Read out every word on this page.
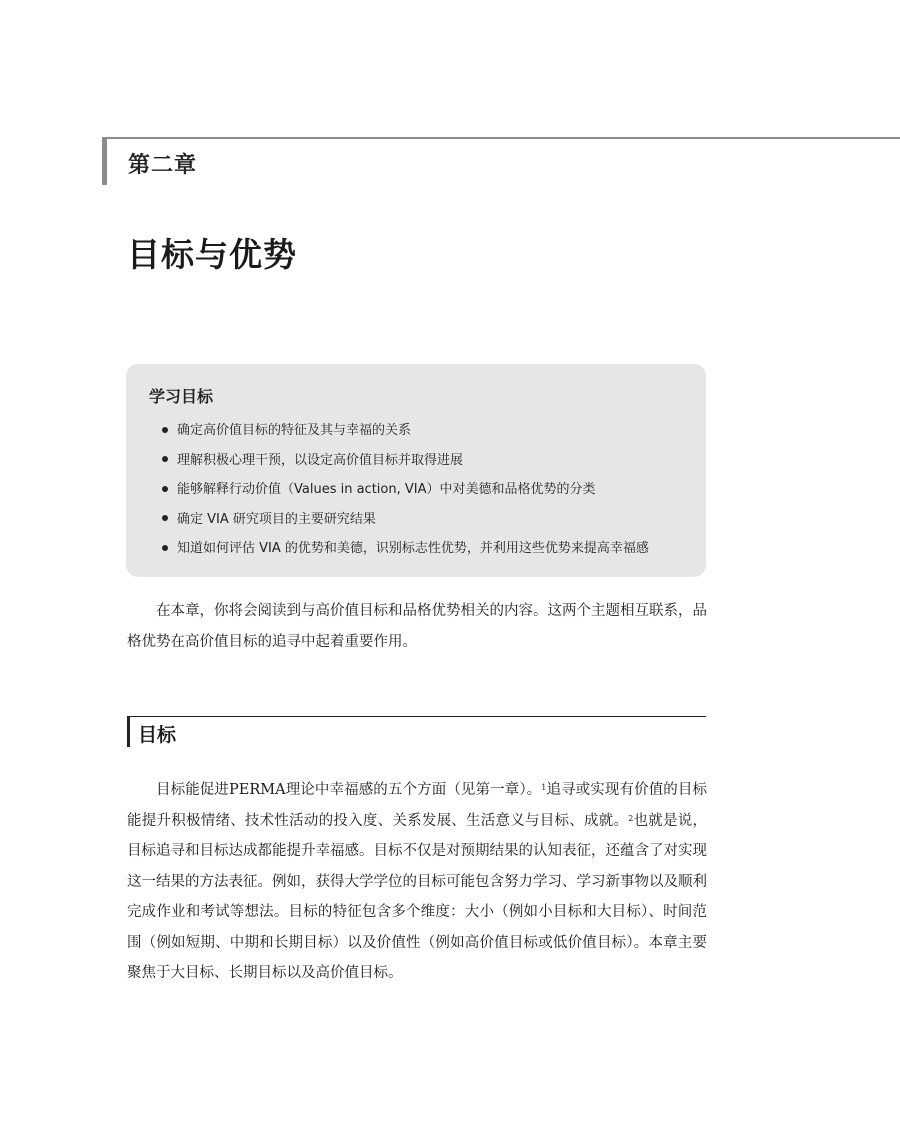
第二章
目标与优势
学习目标
确定高价值目标的特征及其与幸福的关系
理解积极心理干预，以设定高价值目标并取得进展
能够解释行动价值（Values in action, VIA）中对美德和品格优势的分类
确定 VIA 研究项目的主要研究结果
知道如何评估 VIA 的优势和美德，识别标志性优势，并利用这些优势来提高幸福感

在本章，你将会阅读到与高价值目标和品格优势相关的内容。这两个主题相互联系，品格优势在高价值目标的追寻中起着重要作用。

目标

目标能促进PERMA理论中幸福感的五个方面（见第一章）。$^1$追寻或实现有价值的目标能提升积极情绪、技术性活动的投入度、关系发展、生活意义与目标、成就。$^2$也就是说，目标追寻和目标达成都能提升幸福感。目标不仅是对预期结果的认知表征，还蕴含了对实现这一结果的方法表征。例如，获得大学学位的目标可能包含努力学习、学习新事物以及顺利完成作业和考试等想法。目标的特征包含多个维度：大小（例如小目标和大目标）、时间范围（例如短期、中期和长期目标）以及价值性（例如高价值目标或低价值目标）。本章主要聚焦于大目标、长期目标以及高价值目标。
